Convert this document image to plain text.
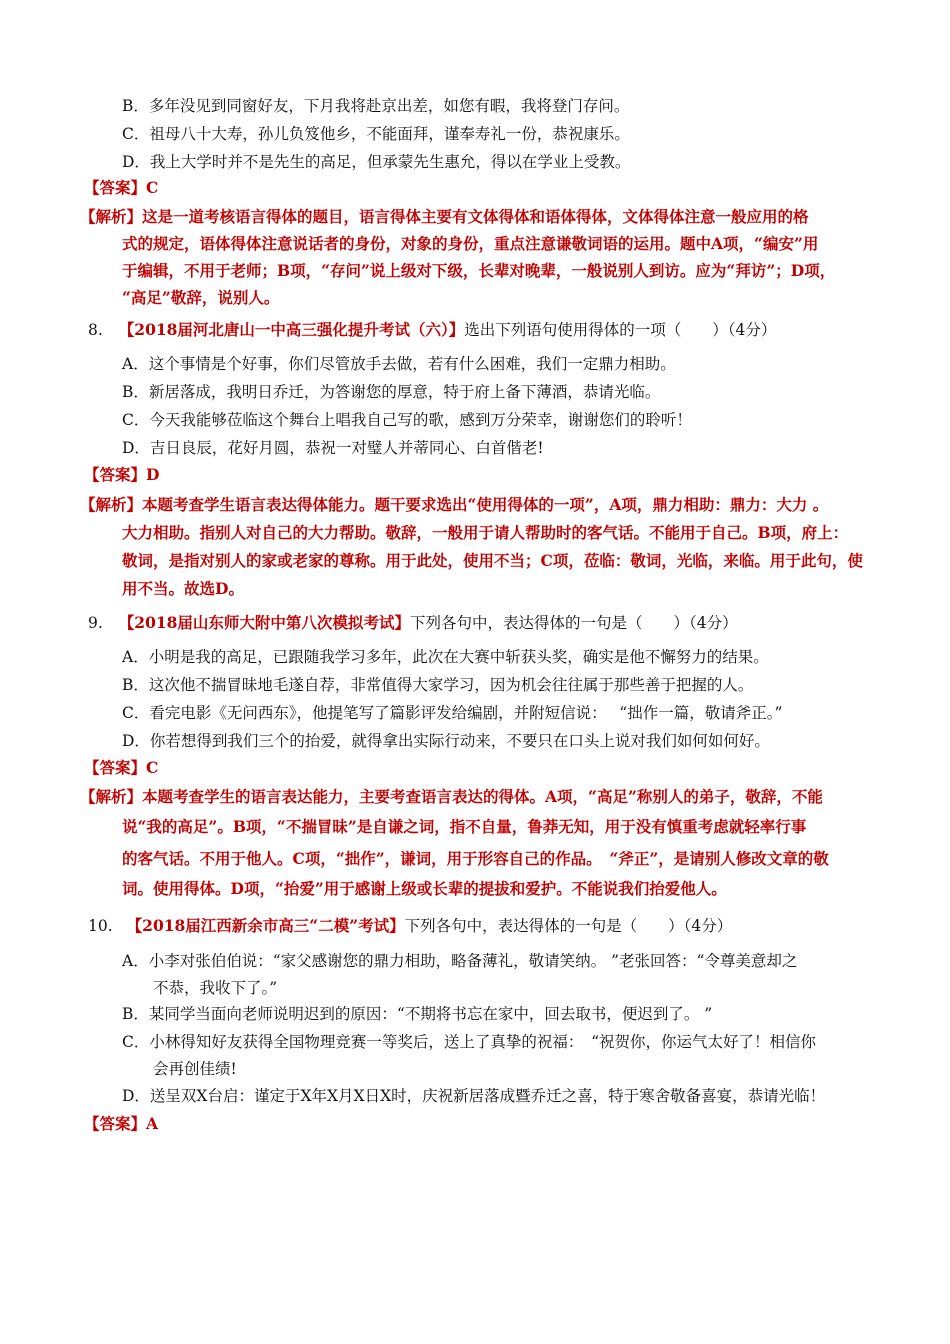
B．多年没见到同窗好友，下月我将赴京出差，如您有暇，我将登门存问。
C．祖母八十大寿，孙儿负笈他乡，不能面拜，谨奉寿礼一份，恭祝康乐。
D．我上大学时并不是先生的高足，但承蒙先生惠允，得以在学业上受教。
【答案】C
【解析】这是一道考核语言得体的题目，语言得体主要有文体得体和语体得体，文体得体注意一般应用的格
式的规定，语体得体注意说话者的身份，对象的身份，重点注意谦敬词语的运用。题中A项，“编安”用
于编辑，不用于老师；B项，“存问”说上级对下级，长辈对晚辈，一般说别人到访。应为“拜访”；D项，
“高足”敬辞，说别人。
8. 【2018届河北唐山一中高三强化提升考试（六）】选出下列语句使用得体的一项（　　）（4分）
A．这个事情是个好事，你们尽管放手去做，若有什么困难，我们一定鼎力相助。
B．新居落成，我明日乔迁，为答谢您的厚意，特于府上备下薄酒，恭请光临。
C．今天我能够莅临这个舞台上唱我自己写的歌，感到万分荣幸，谢谢您们的聆听！
D．吉日良辰，花好月圆，恭祝一对璧人并蒂同心、白首偕老!
【答案】D
【解析】本题考查学生语言表达得体能力。题干要求选出“使用得体的一项”，A项，鼎力相助：鼎力：大力 。
大力相助。指别人对自己的大力帮助。敬辞，一般用于请人帮助时的客气话。不能用于自己。B项，府上：
敬词，是指对别人的家或老家的尊称。用于此处，使用不当；C项，莅临：敬词，光临，来临。用于此句，使
用不当。故选D。
9. 【2018届山东师大附中第八次模拟考试】下列各句中，表达得体的一句是（　　）（4分）
A．小明是我的高足，已跟随我学习多年，此次在大赛中斩获头奖，确实是他不懈努力的结果。
B．这次他不揣冒昧地毛遂自荐，非常值得大家学习，因为机会往往属于那些善于把握的人。
C．看完电影《无问西东》，他提笔写了篇影评发给编剧，并附短信说：　 “拙作一篇，敬请斧正。”
D．你若想得到我们三个的抬爱，就得拿出实际行动来，不要只在口头上说对我们如何如何好。
【答案】C
【解析】本题考查学生的语言表达能力，主要考查语言表达的得体。A项，“高足”称别人的弟子，敬辞，不能
说“我的高足”。B项，“不揣冒昧”是自谦之词，指不自量，鲁莽无知，用于没有慎重考虑就轻率行事
的客气话。不用于他人。C项，“拙作”，谦词，用于形容自己的作品。　“斧正”，是请别人修改文章的敬
词。使用得体。D项，“抬爱”用于感谢上级或长辈的提拔和爱护。不能说我们抬爱他人。
10. 【2018届江西新余市高三“二模”考试】下列各句中，表达得体的一句是（　　）（4分）
A．小李对张伯伯说：“家父感谢您的鼎力相助，略备薄礼，敬请笑纳。 ”老张回答：“令尊美意却之
　　不恭，我收下了。”
B．某同学当面向老师说明迟到的原因：“不期将书忘在家中，回去取书，便迟到了。 ”
C．小林得知好友获得全国物理竞赛一等奖后，送上了真挚的祝福：　“祝贺你，你运气太好了！相信你
　　会再创佳绩!
D．送呈双X台启：谨定于X年X月X日X时，庆祝新居落成暨乔迁之喜，特于寒舍敬备喜宴，恭请光临！
【答案】A
